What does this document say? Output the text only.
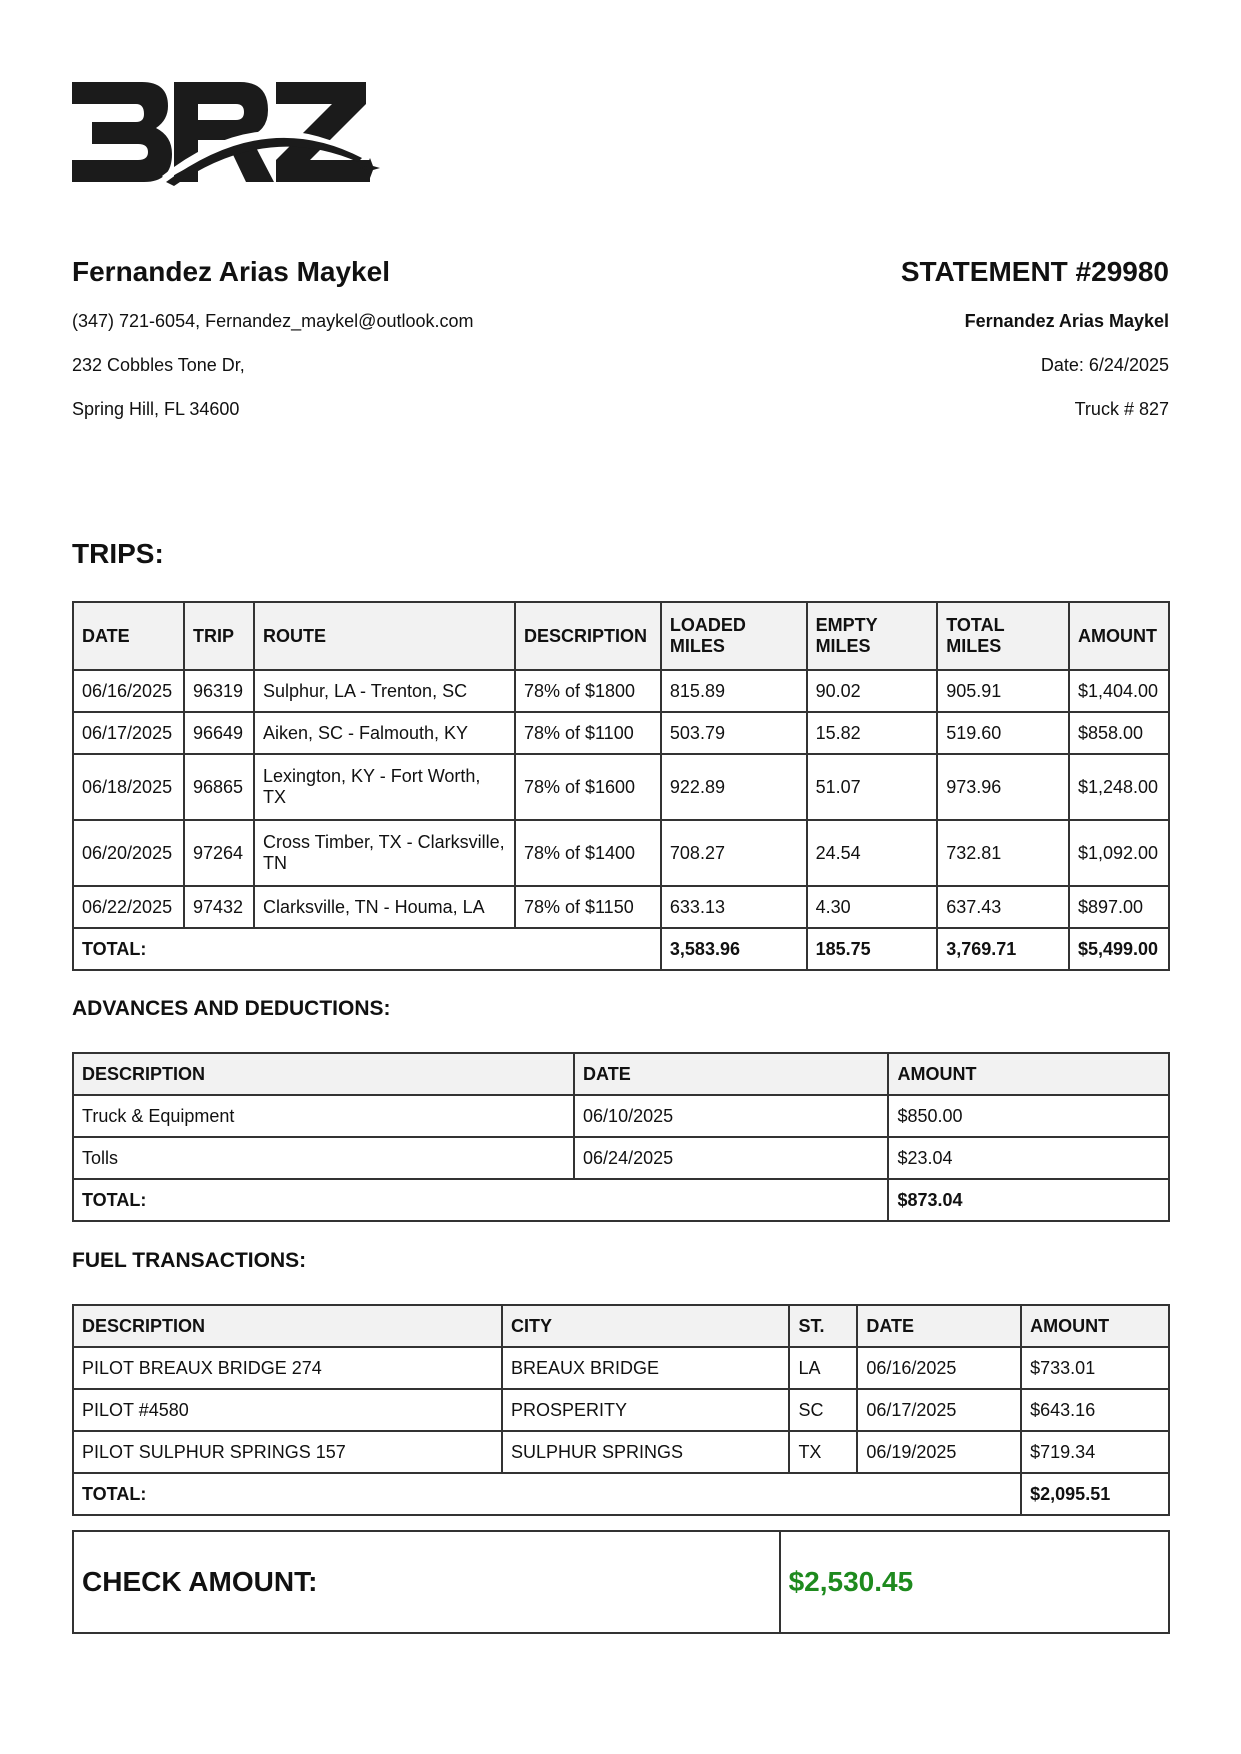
Fernandez Arias Maykel
(347) 721-6054, Fernandez_maykel@outlook.com
232 Cobbles Tone Dr,
Spring Hill, FL 34600
STATEMENT #29980
Fernandez Arias Maykel
Date: 6/24/2025
Truck # 827
TRIPS:
DATE	TRIP	ROUTE	DESCRIPTION	LOADED MILES	EMPTY MILES	TOTAL MILES	AMOUNT
06/16/2025	96319	Sulphur, LA - Trenton, SC	78% of $1800	815.89	90.02	905.91	$1,404.00
06/17/2025	96649	Aiken, SC - Falmouth, KY	78% of $1100	503.79	15.82	519.60	$858.00
06/18/2025	96865	Lexington, KY - Fort Worth, TX	78% of $1600	922.89	51.07	973.96	$1,248.00
06/20/2025	97264	Cross Timber, TX - Clarksville, TN	78% of $1400	708.27	24.54	732.81	$1,092.00
06/22/2025	97432	Clarksville, TN - Houma, LA	78% of $1150	633.13	4.30	637.43	$897.00
TOTAL:				3,583.96	185.75	3,769.71	$5,499.00
ADVANCES AND DEDUCTIONS:
DESCRIPTION	DATE	AMOUNT
Truck & Equipment	06/10/2025	$850.00
Tolls	06/24/2025	$23.04
TOTAL:		$873.04
FUEL TRANSACTIONS:
DESCRIPTION	CITY	ST.	DATE	AMOUNT
PILOT BREAUX BRIDGE 274	BREAUX BRIDGE	LA	06/16/2025	$733.01
PILOT #4580	PROSPERITY	SC	06/17/2025	$643.16
PILOT SULPHUR SPRINGS 157	SULPHUR SPRINGS	TX	06/19/2025	$719.34
TOTAL:				$2,095.51
CHECK AMOUNT:	$2,530.45
